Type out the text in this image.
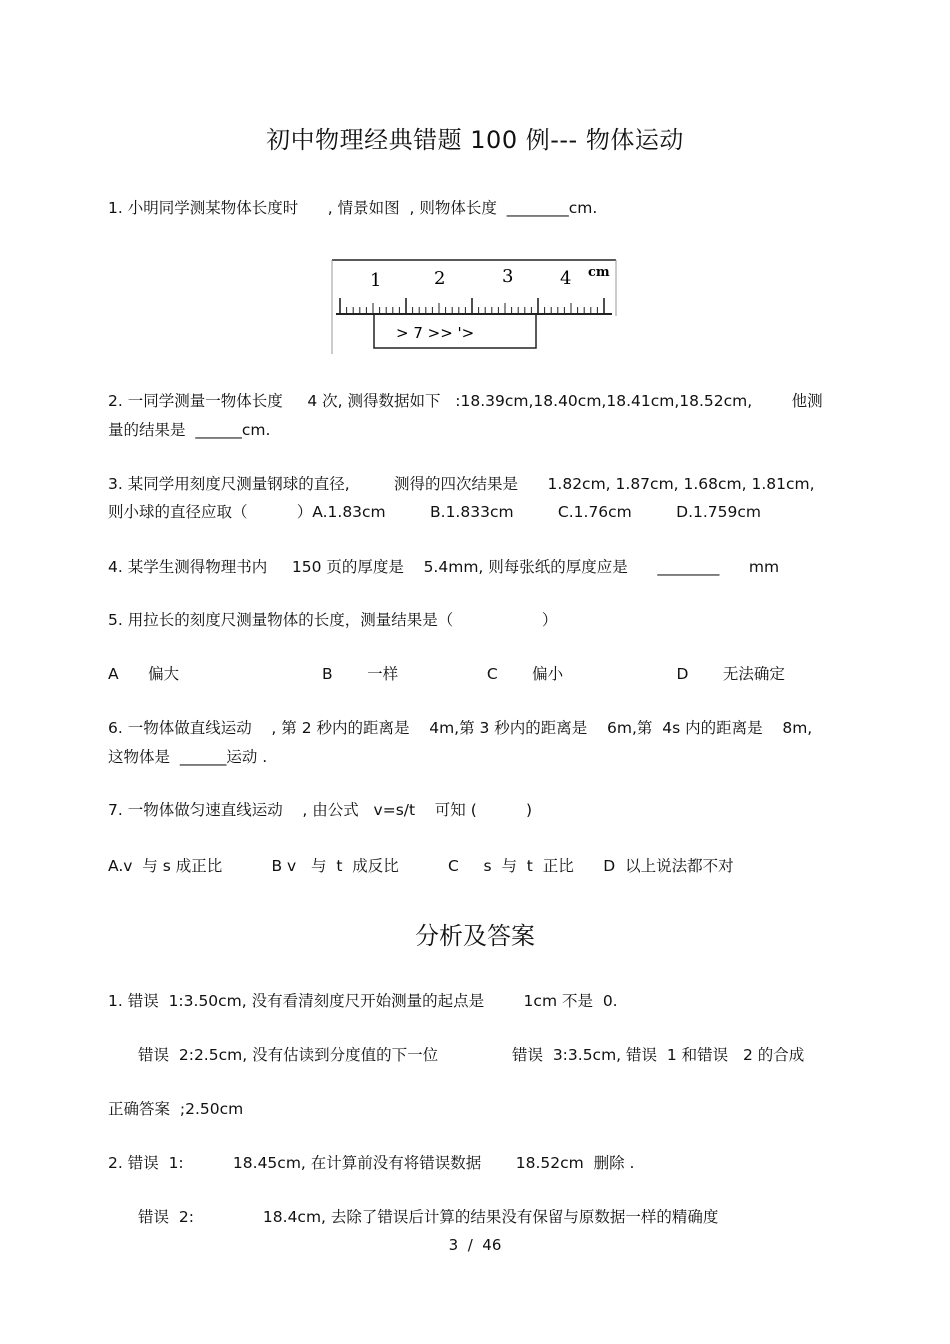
初中物理经典错题 100 例--- 物体运动
1. 小明同学测某物体长度时      , 情景如图  , 则物体长度  ________cm.
1	2	3	4 cm
> 7 >> '>
2. 一同学测量一物体长度     4 次, 测得数据如下   :18.39cm,18.40cm,18.41cm,18.52cm,        他测
量的结果是  ______cm.
3. 某同学用刻度尺测量钢球的直径,         测得的四次结果是      1.82cm, 1.87cm, 1.68cm, 1.81cm,
则小球的直径应取（          ）A.1.83cm         B.1.833cm         C.1.76cm         D.1.759cm
4. 某学生测得物理书内     150 页的厚度是    5.4mm, 则每张纸的厚度应是      ________      mm
5. 用拉长的刻度尺测量物体的长度，测量结果是（                  ）
A      偏大                             B       一样                  C       偏小                       D       无法确定
6. 一物体做直线运动    , 第 2 秒内的距离是    4m,第 3 秒内的距离是    6m,第  4s 内的距离是    8m,
这物体是  ______运动 .
7. 一物体做匀速直线运动    , 由公式   v=s/t    可知 (          )
A.v  与 s 成正比          B v   与  t  成反比          C     s  与  t  正比      D  以上说法都不对
分析及答案
1. 错误  1:3.50cm, 没有看清刻度尺开始测量的起点是        1cm 不是  0.
错误  2:2.5cm, 没有估读到分度值的下一位               错误  3:3.5cm, 错误  1 和错误   2 的合成
正确答案  ;2.50cm
2. 错误  1:          18.45cm, 在计算前没有将错误数据       18.52cm  删除 .
错误  2:              18.4cm, 去除了错误后计算的结果没有保留与原数据一样的精确度
3  /  46
